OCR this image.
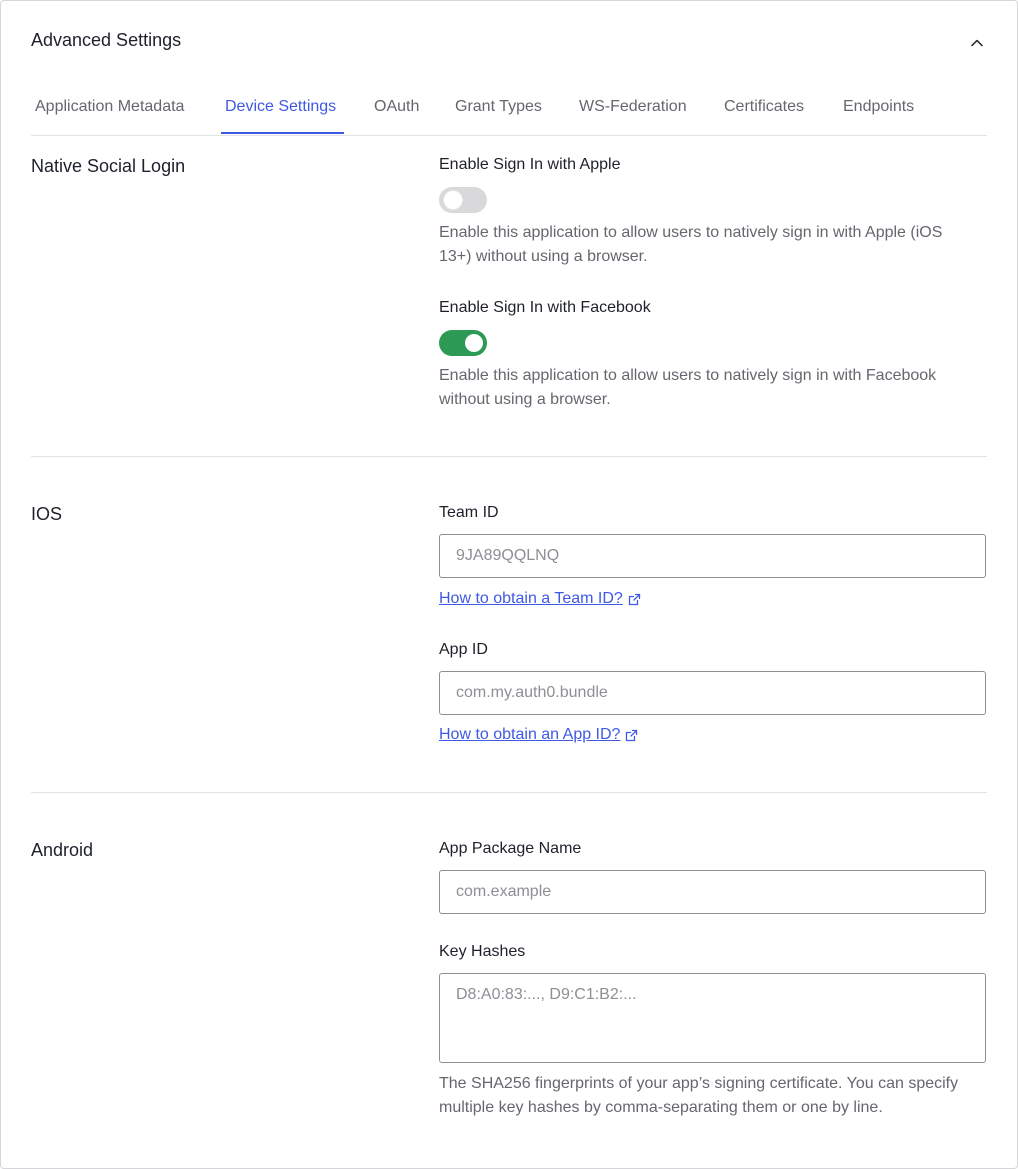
Advanced Settings
Application Metadata	Device Settings OAuth Grant Types WS-Federation Certificates Endpoints
Native Social Login	Enable Sign In with Apple
Enable this application to allow users to natively sign in with Apple (iOS 13+) without using a browser.
Enable Sign In with Facebook
Enable this application to allow users to natively sign in with Facebook without using a browser.
IOS	Team ID
9JA89QQLNQ
How to obtain a Team ID?
App ID
com.my.auth0.bundle
How to obtain an App ID?
Android	App Package Name
com.example
Key Hashes
D8:A0:83:..., D9:C1:B2:...
The SHA256 fingerprints of your app’s signing certificate. You can specify multiple key hashes by comma-separating them or one by line.
